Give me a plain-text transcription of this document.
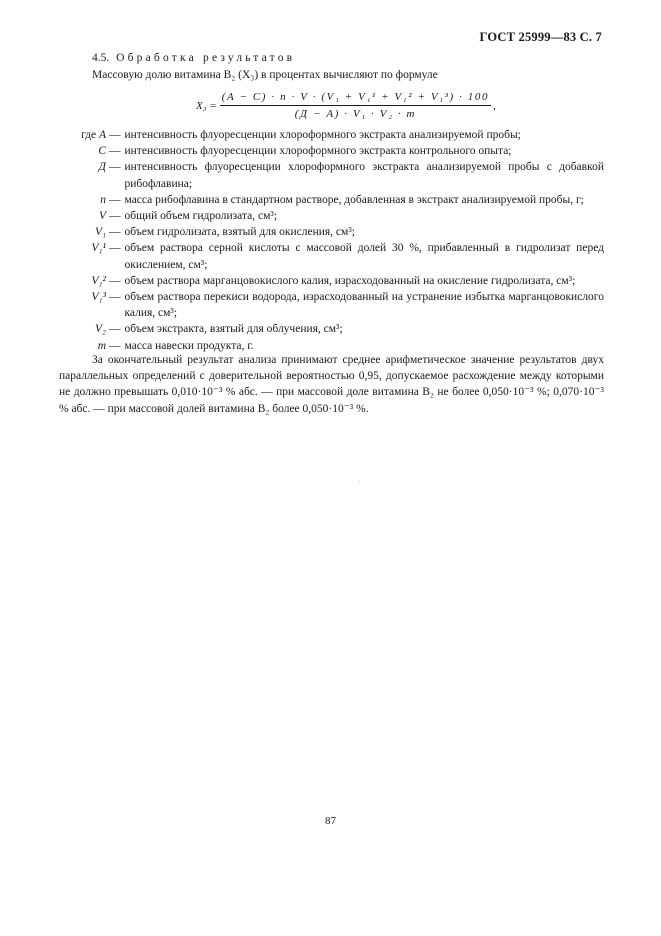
ГОСТ 25999—83 С. 7
4.5. Обработка результатов
Массовую долю витамина B₂ (X₃) в процентах вычисляют по формуле
$X_3 = \frac{\text{(A − C) · n · V · (V₁ + V₁¹ + V₁² + V₁³) · 100}}{\text{(Д − A) · V₁ · V₂ · m}}$ ,
где A — интенсивность флуоресценции хлороформного экстракта анализируемой пробы;
C — интенсивность флуоресценции хлороформного экстракта контрольного опыта;
Д — интенсивность флуоресценции хлороформного экстракта анализируемой пробы с добавкой рибофлавина;
n — масса рибофлавина в стандартном растворе, добавленная в экстракт анализируемой пробы, г;
V — общий объем гидролизата, см³;
V₁ — объем гидролизата, взятый для окисления, см³;
V₁¹ — объем раствора серной кислоты с массовой долей 30 %, прибавленный в гидролизат перед окислением, см³;
V₁² — объем раствора марганцовокислого калия, израсходованный на окисление гидролизата, см³;
V₁³ — объем раствора перекиси водорода, израсходованный на устранение избытка марганцовокислого калия, см³;
V₂ — объем экстракта, взятый для облучения, см³;
m — масса навески продукта, г.
За окончательный результат анализа принимают среднее арифметическое значение результатов двух параллельных определений с доверительной вероятностью 0,95, допускаемое расхождение между которыми не должно превышать 0,010·10⁻³ % абс. — при массовой доле витамина B₂ не более 0,050·10⁻³ %; 0,070·10⁻³ % абс. — при массовой долей витамина B₂ более 0,050·10⁻³ %.
87
